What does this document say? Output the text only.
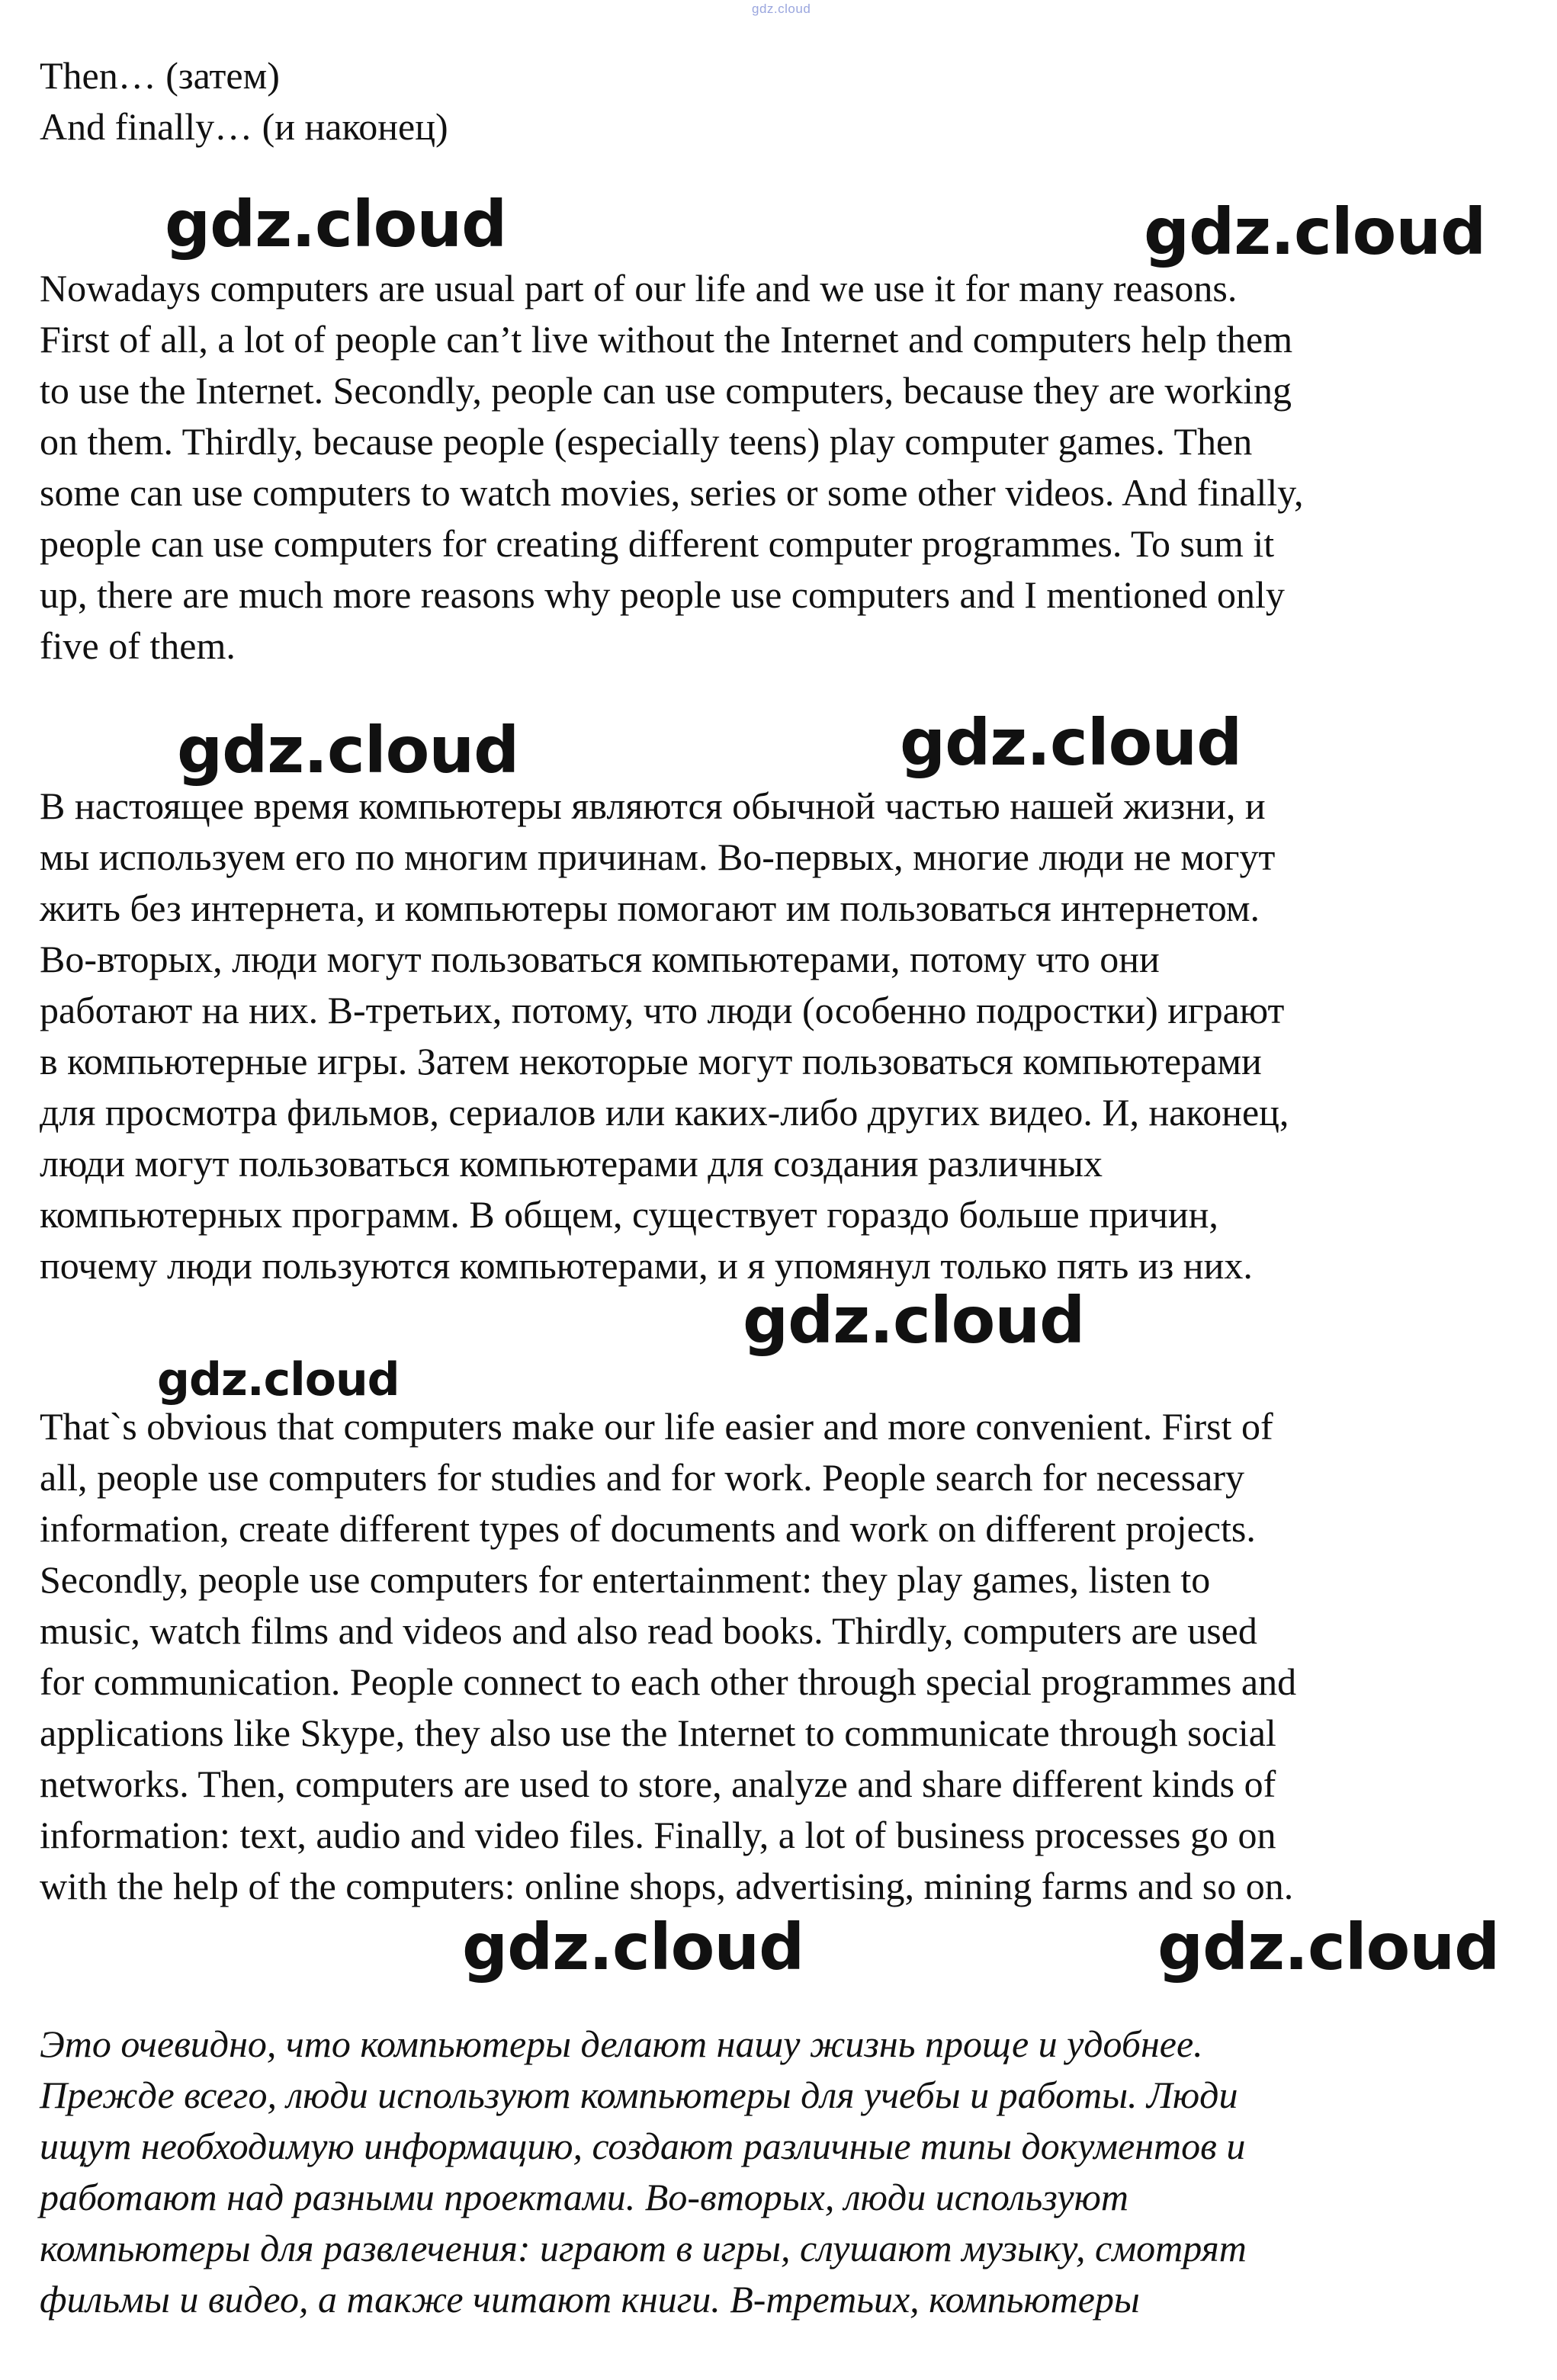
gdz.cloud

Then… (затем)
And finally… (и наконец)

gdz.cloud	gdz.cloud

Nowadays computers are usual part of our life and we use it for many reasons.
First of all, a lot of people can’t live without the Internet and computers help them
to use the Internet. Secondly, people can use computers, because they are working
on them. Thirdly, because people (especially teens) play computer games. Then
some can use computers to watch movies, series or some other videos. And finally,
people can use computers for creating different computer programmes. To sum it
up, there are much more reasons why people use computers and I mentioned only
five of them.

gdz.cloud	gdz.cloud

В настоящее время компьютеры являются обычной частью нашей жизни, и
мы используем его по многим причинам. Во-первых, многие люди не могут
жить без интернета, и компьютеры помогают им пользоваться интернетом.
Во-вторых, люди могут пользоваться компьютерами, потому что они
работают на них. В-третьих, потому, что люди (особенно подростки) играют
в компьютерные игры. Затем некоторые могут пользоваться компьютерами
для просмотра фильмов, сериалов или каких-либо других видео. И, наконец,
люди могут пользоваться компьютерами для создания различных
компьютерных программ. В общем, существует гораздо больше причин,
почему люди пользуются компьютерами, и я упомянул только пять из них.

gdz.cloud
gdz.cloud

That`s obvious that computers make our life easier and more convenient. First of
all, people use computers for studies and for work. People search for necessary
information, create different types of documents and work on different projects.
Secondly, people use computers for entertainment: they play games, listen to
music, watch films and videos and also read books. Thirdly, computers are used
for communication. People connect to each other through special programmes and
applications like Skype, they also use the Internet to communicate through social
networks. Then, computers are used to store, analyze and share different kinds of
information: text, audio and video files. Finally, a lot of business processes go on
with the help of the computers: online shops, advertising, mining farms and so on.

gdz.cloud	gdz.cloud

Это очевидно, что компьютеры делают нашу жизнь проще и удобнее.
Прежде всего, люди используют компьютеры для учебы и работы. Люди
ищут необходимую информацию, создают различные типы документов и
работают над разными проектами. Во-вторых, люди используют
компьютеры для развлечения: играют в игры, слушают музыку, смотрят
фильмы и видео, а также читают книги. В-третьих, компьютеры
